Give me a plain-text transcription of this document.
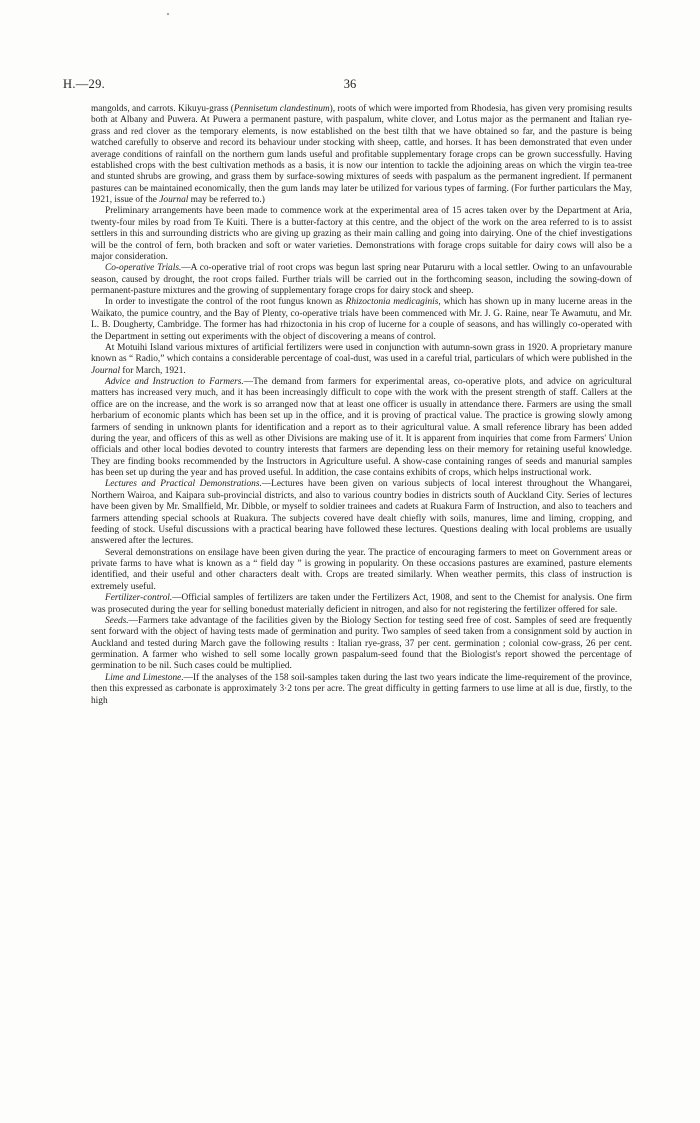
H.—29.	36

mangolds, and carrots. Kikuyu-grass (Pennisetum clandestinum), roots of which were imported from Rhodesia, has given very promising results both at Albany and Puwera. At Puwera a permanent pasture, with paspalum, white clover, and Lotus major as the permanent and Italian rye-grass and red clover as the temporary elements, is now established on the best tilth that we have obtained so far, and the pasture is being watched carefully to observe and record its behaviour under stocking with sheep, cattle, and horses. It has been demonstrated that even under average conditions of rainfall on the northern gum lands useful and profitable supplementary forage crops can be grown successfully. Having established crops with the best cultivation methods as a basis, it is now our intention to tackle the adjoining areas on which the virgin tea-tree and stunted shrubs are growing, and grass them by surface-sowing mixtures of seeds with paspalum as the permanent ingredient. If permanent pastures can be maintained economically, then the gum lands may later be utilized for various types of farming. (For further particulars the May, 1921, issue of the Journal may be referred to.)

Preliminary arrangements have been made to commence work at the experimental area of 15 acres taken over by the Department at Aria, twenty-four miles by road from Te Kuiti. There is a butter-factory at this centre, and the object of the work on the area referred to is to assist settlers in this and surrounding districts who are giving up grazing as their main calling and going into dairying. One of the chief investigations will be the control of fern, both bracken and soft or water varieties. Demonstrations with forage crops suitable for dairy cows will also be a major consideration.

Co-operative Trials.—A co-operative trial of root crops was begun last spring near Putaruru with a local settler. Owing to an unfavourable season, caused by drought, the root crops failed. Further trials will be carried out in the forthcoming season, including the sowing-down of permanent-pasture mixtures and the growing of supplementary forage crops for dairy stock and sheep.

In order to investigate the control of the root fungus known as Rhizoctonia medicaginis, which has shown up in many lucerne areas in the Waikato, the pumice country, and the Bay of Plenty, co-operative trials have been commenced with Mr. J. G. Raine, near Te Awamutu, and Mr. L. B. Dougherty, Cambridge. The former has had rhizoctonia in his crop of lucerne for a couple of seasons, and has willingly co-operated with the Department in setting out experiments with the object of discovering a means of control.

At Motuihi Island various mixtures of artificial fertilizers were used in conjunction with autumn-sown grass in 1920. A proprietary manure known as “ Radio,” which contains a considerable percentage of coal-dust, was used in a careful trial, particulars of which were published in the Journal for March, 1921.

Advice and Instruction to Farmers.—The demand from farmers for experimental areas, co-operative plots, and advice on agricultural matters has increased very much, and it has been increasingly difficult to cope with the work with the present strength of staff. Callers at the office are on the increase, and the work is so arranged now that at least one officer is usually in attendance there. Farmers are using the small herbarium of economic plants which has been set up in the office, and it is proving of practical value. The practice is growing slowly among farmers of sending in unknown plants for identification and a report as to their agricultural value. A small reference library has been added during the year, and officers of this as well as other Divisions are making use of it. It is apparent from inquiries that come from Farmers' Union officials and other local bodies devoted to country interests that farmers are depending less on their memory for retaining useful knowledge. They are finding books recommended by the Instructors in Agriculture useful. A show-case containing ranges of seeds and manurial samples has been set up during the year and has proved useful. In addition, the case contains exhibits of crops, which helps instructional work.

Lectures and Practical Demonstrations.—Lectures have been given on various subjects of local interest throughout the Whangarei, Northern Wairoa, and Kaipara sub-provincial districts, and also to various country bodies in districts south of Auckland City. Series of lectures have been given by Mr. Smallfield, Mr. Dibble, or myself to soldier trainees and cadets at Ruakura Farm of Instruction, and also to teachers and farmers attending special schools at Ruakura. The subjects covered have dealt chiefly with soils, manures, lime and liming, cropping, and feeding of stock. Useful discussions with a practical bearing have followed these lectures. Questions dealing with local problems are usually answered after the lectures.

Several demonstrations on ensilage have been given during the year. The practice of encouraging farmers to meet on Government areas or private farms to have what is known as a “ field day ” is growing in popularity. On these occasions pastures are examined, pasture elements identified, and their useful and other characters dealt with. Crops are treated similarly. When weather permits, this class of instruction is extremely useful.

Fertilizer-control.—Official samples of fertilizers are taken under the Fertilizers Act, 1908, and sent to the Chemist for analysis. One firm was prosecuted during the year for selling bonedust materially deficient in nitrogen, and also for not registering the fertilizer offered for sale.

Seeds.—Farmers take advantage of the facilities given by the Biology Section for testing seed free of cost. Samples of seed are frequently sent forward with the object of having tests made of germination and purity. Two samples of seed taken from a consignment sold by auction in Auckland and tested during March gave the following results : Italian rye-grass, 37 per cent. germination ; colonial cow-grass, 26 per cent. germination. A farmer who wished to sell some locally grown paspalum-seed found that the Biologist's report showed the percentage of germination to be nil. Such cases could be multiplied.

Lime and Limestone.—If the analyses of the 158 soil-samples taken during the last two years indicate the lime-requirement of the province, then this expressed as carbonate is approximately 3·2 tons per acre. The great difficulty in getting farmers to use lime at all is due, firstly, to the high
